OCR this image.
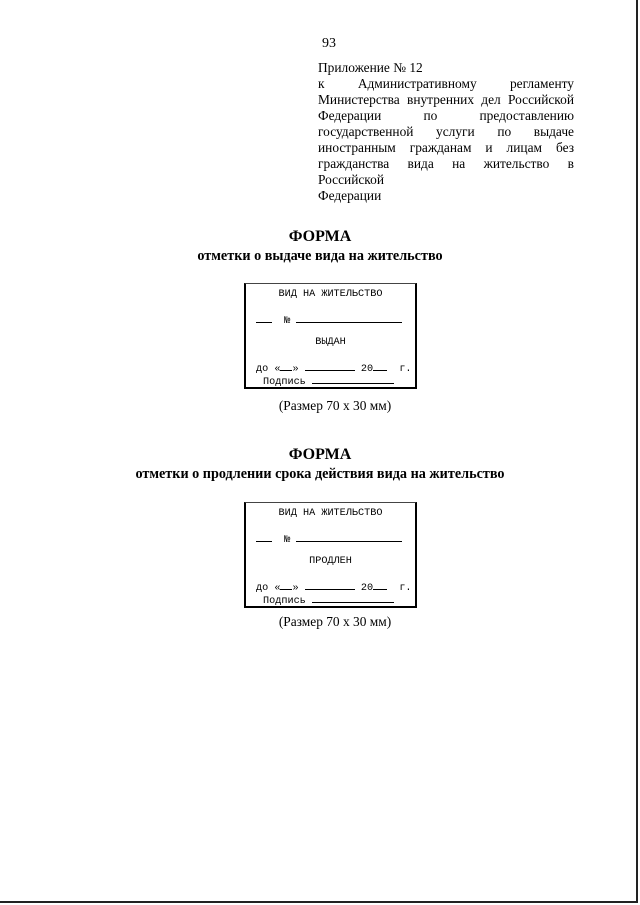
93
Приложение № 12
к Административному регламенту
Министерства внутренних дел Российской
Федерации по предоставлению
государственной услуги по выдаче
иностранным гражданам и лицам без
гражданства вида на жительство в Российской
Федерации
ФОРМА
отметки о выдаче вида на жительство
ВИД НА ЖИТЕЛЬСТВО
№
ВЫДАН
до « »	20	г.
Подпись
(Размер 70 х 30 мм)
ФОРМА
отметки о продлении срока действия вида на жительство
ВИД НА ЖИТЕЛЬСТВО
№
ПРОДЛЕН
до « »	20	г.
Подпись
(Размер 70 х 30 мм)
